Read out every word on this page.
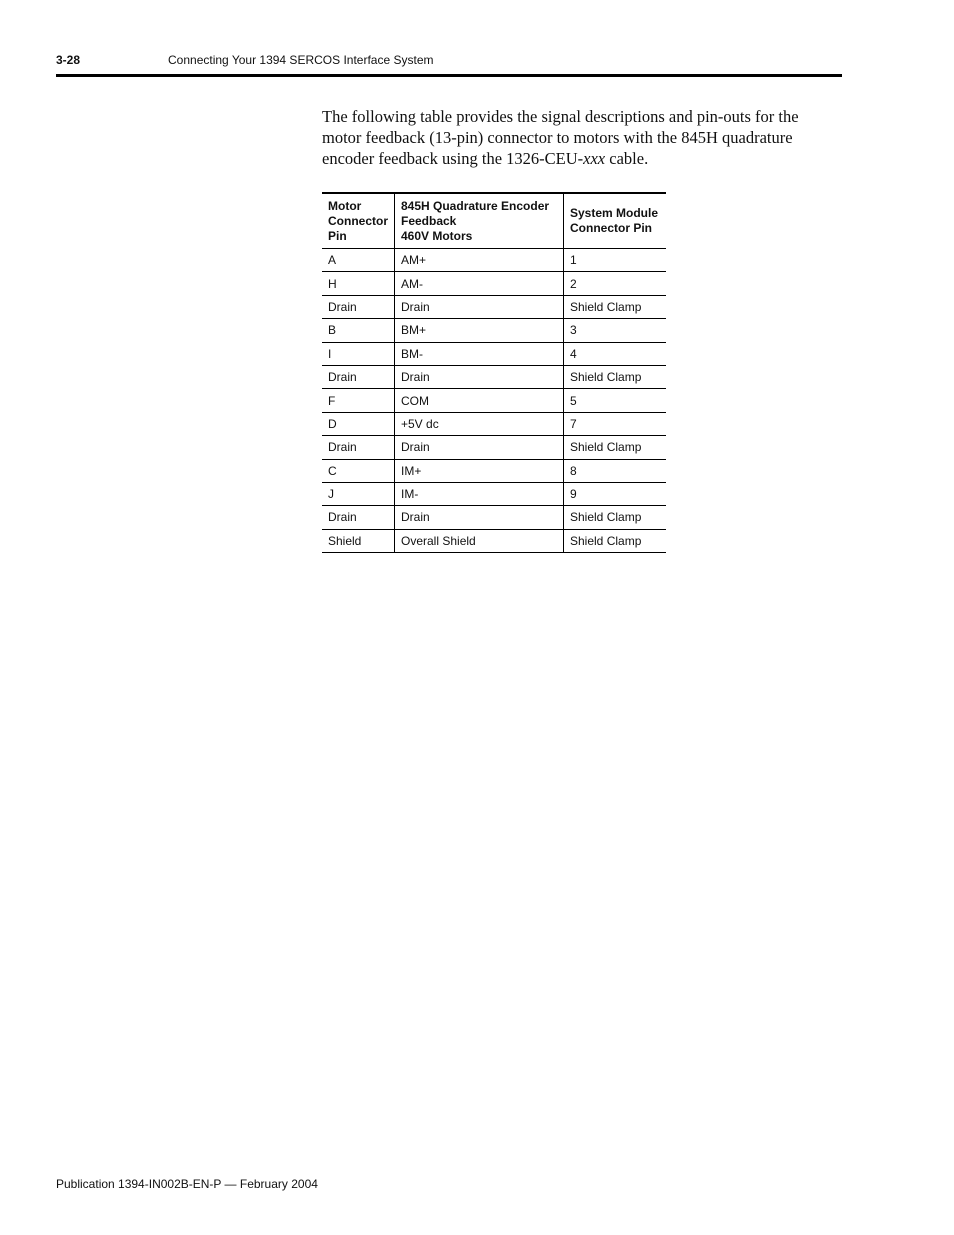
3-28	Connecting Your 1394 SERCOS Interface System

The following table provides the signal descriptions and pin-outs for the motor feedback (13-pin) connector to motors with the 845H quadrature encoder feedback using the 1326-CEU-xxx cable.

Motor
Connector
Pin	845H Quadrature Encoder
Feedback
460V Motors	System Module
Connector Pin
A	AM+	1
H	AM-	2
Drain	Drain	Shield Clamp
B	BM+	3
I	BM-	4
Drain	Drain	Shield Clamp
F	COM	5
D	+5V dc	7
Drain	Drain	Shield Clamp
C	IM+	8
J	IM-	9
Drain	Drain	Shield Clamp
Shield	Overall Shield	Shield Clamp
Publication 1394-IN002B-EN-P — February 2004
